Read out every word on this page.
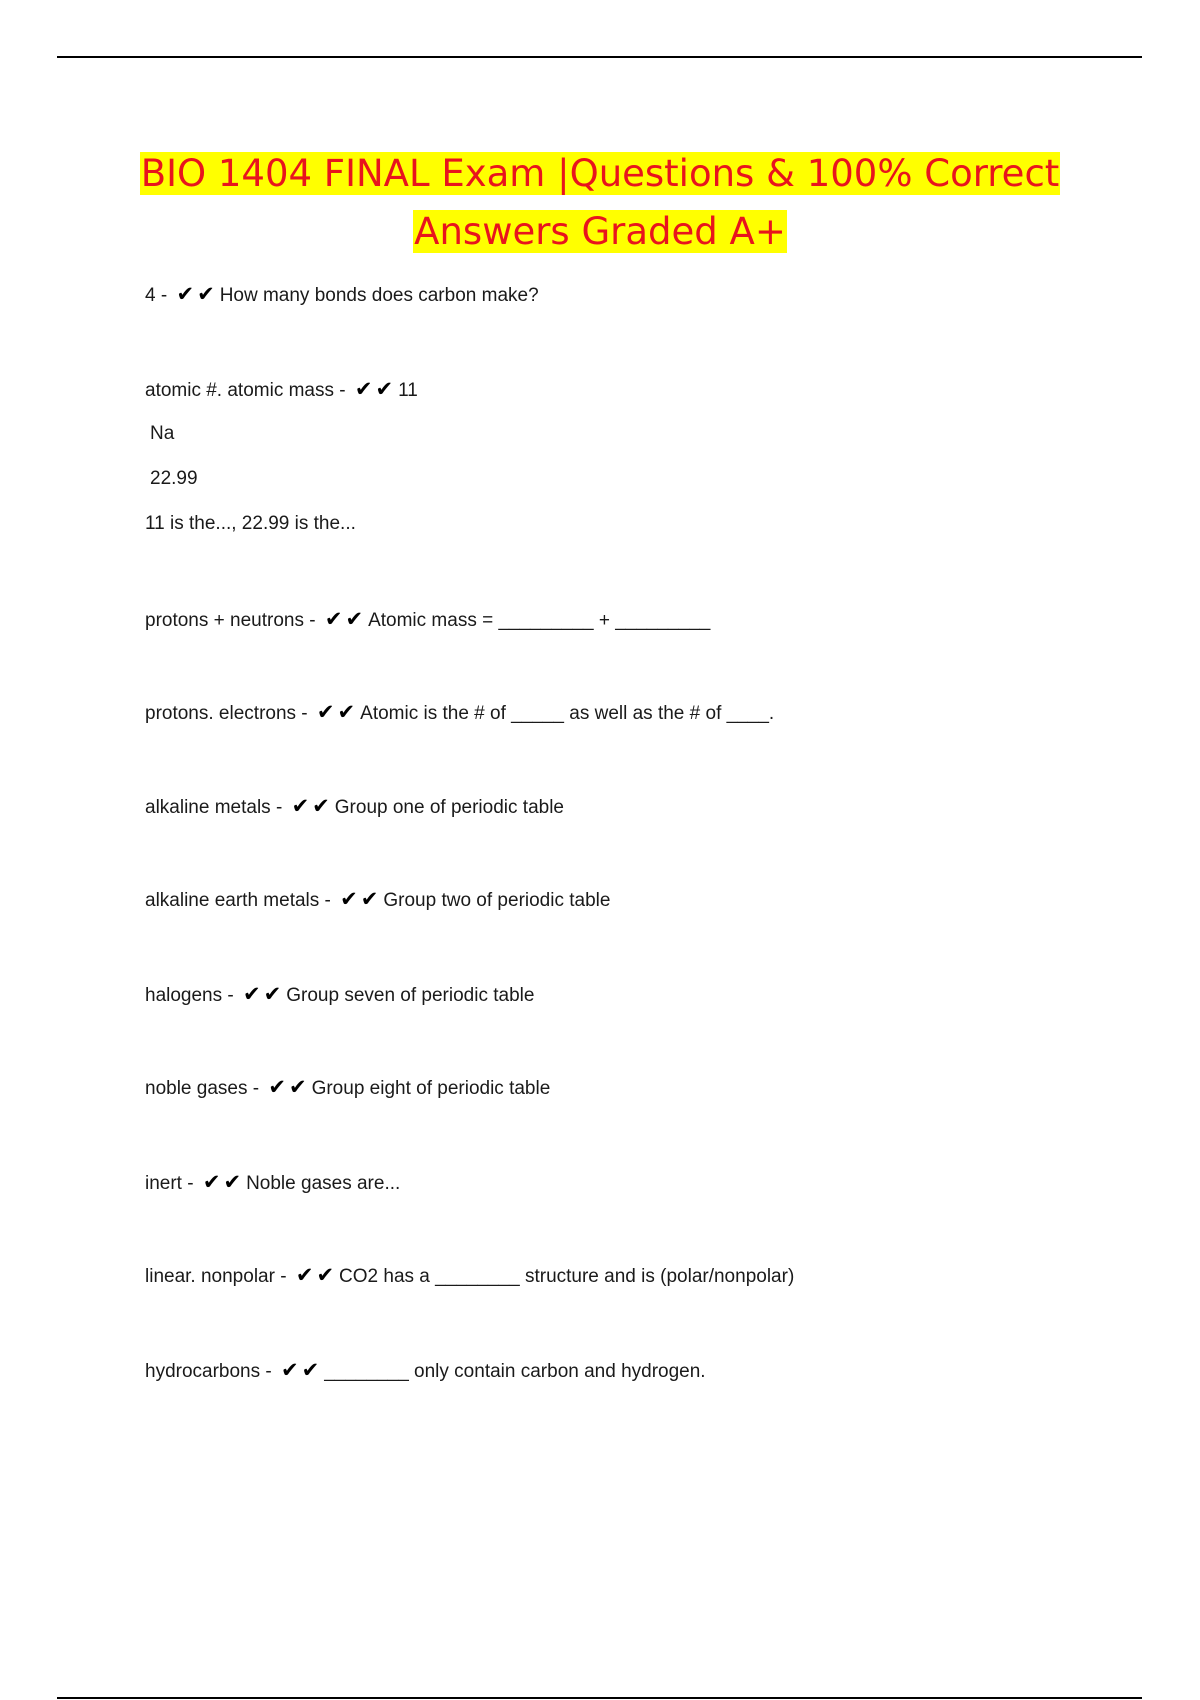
BIO 1404 FINAL Exam |Questions & 100% Correct
Answers Graded A+
4 - ✔ ✔ How many bonds does carbon make?
atomic #. atomic mass - ✔ ✔ 11
Na
22.99
11 is the..., 22.99 is the...
protons + neutrons - ✔ ✔ Atomic mass = _________ + _________
protons. electrons - ✔ ✔ Atomic is the # of _____ as well as the # of ____.
alkaline metals - ✔ ✔ Group one of periodic table
alkaline earth metals - ✔ ✔ Group two of periodic table
halogens - ✔ ✔ Group seven of periodic table
noble gases - ✔ ✔ Group eight of periodic table
inert - ✔ ✔ Noble gases are...
linear. nonpolar - ✔ ✔ CO2 has a ________ structure and is (polar/nonpolar)
hydrocarbons - ✔ ✔ ________ only contain carbon and hydrogen.
